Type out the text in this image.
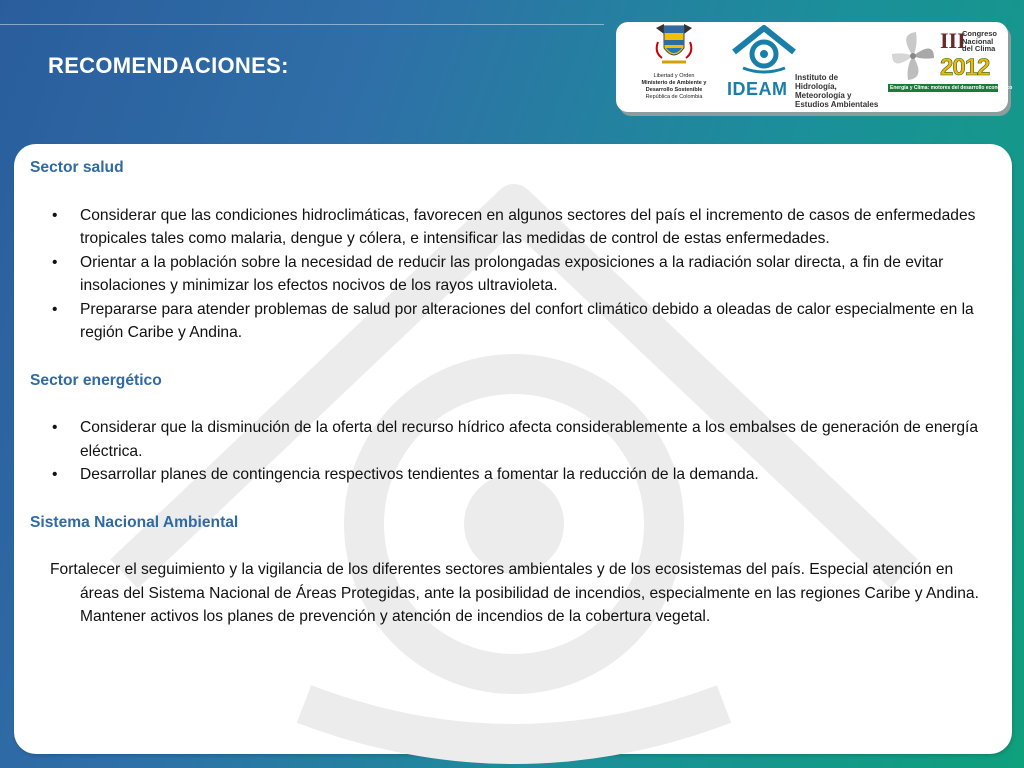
RECOMENDACIONES:	Libertad y Orden
Ministerio de Ambiente y
Desarrollo Sostenible
República de Colombia	IDEAM
Instituto de Hidrología,
Meteorología y
Estudios Ambientales
III
Congreso
Nacional
del Clima
2012
Energía y Clima: motores del desarrollo económico

Sector salud

• Considerar que las condiciones hidroclimáticas, favorecen en algunos sectores del país el incremento de casos de enfermedades tropicales tales como malaria, dengue y cólera, e intensificar las medidas de control de estas enfermedades.
• Orientar a la población sobre la necesidad de reducir las prolongadas exposiciones a la radiación solar directa, a fin de evitar insolaciones y minimizar los efectos nocivos de los rayos ultravioleta.
• Prepararse para atender problemas de salud por alteraciones del confort climático debido a oleadas de calor especialmente en la región Caribe y Andina.

Sector energético

• Considerar que la disminución de la oferta del recurso hídrico afecta considerablemente a los embalses de generación de energía eléctrica.
• Desarrollar planes de contingencia respectivos tendientes a fomentar la reducción de la demanda.

Sistema Nacional Ambiental

Fortalecer el seguimiento y la vigilancia de los diferentes sectores ambientales y de los ecosistemas del país. Especial atención en áreas del Sistema Nacional de Áreas Protegidas, ante la posibilidad de incendios, especialmente en las regiones Caribe y Andina. Mantener activos los planes de prevención y atención de incendios de la cobertura vegetal.
